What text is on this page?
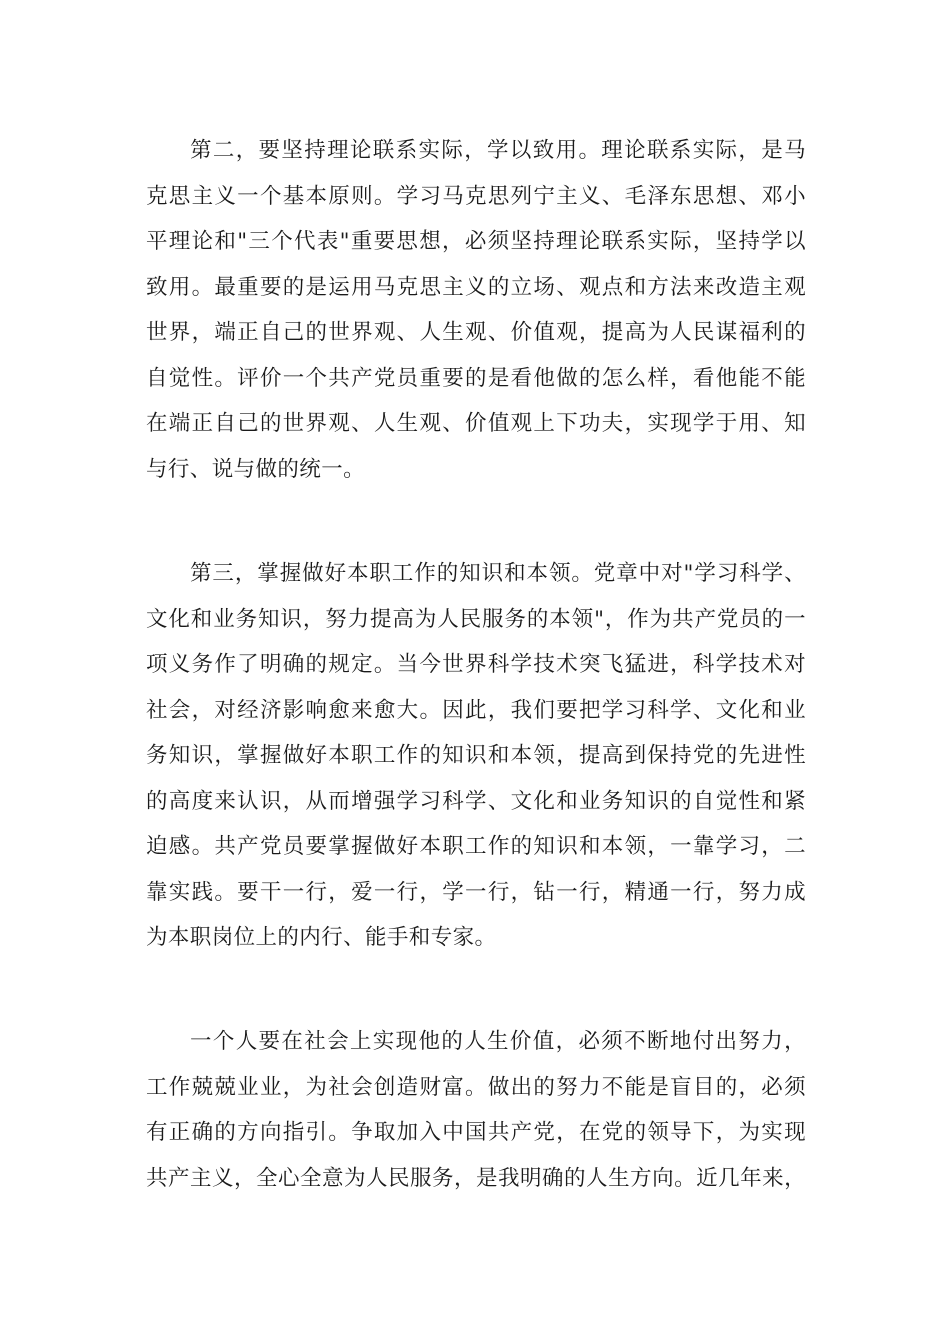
第二，要坚持理论联系实际，学以致用。理论联系实际，是马
克思主义一个基本原则。学习马克思列宁主义、毛泽东思想、邓小
平理论和"三个代表"重要思想，必须坚持理论联系实际，坚持学以
致用。最重要的是运用马克思主义的立场、观点和方法来改造主观
世界，端正自己的世界观、人生观、价值观，提高为人民谋福利的
自觉性。评价一个共产党员重要的是看他做的怎么样，看他能不能
在端正自己的世界观、人生观、价值观上下功夫，实现学于用、知
与行、说与做的统一。
第三，掌握做好本职工作的知识和本领。党章中对"学习科学、
文化和业务知识，努力提高为人民服务的本领"，作为共产党员的一
项义务作了明确的规定。当今世界科学技术突飞猛进，科学技术对
社会，对经济影响愈来愈大。因此，我们要把学习科学、文化和业
务知识，掌握做好本职工作的知识和本领，提高到保持党的先进性
的高度来认识，从而增强学习科学、文化和业务知识的自觉性和紧
迫感。共产党员要掌握做好本职工作的知识和本领，一靠学习，二
靠实践。要干一行，爱一行，学一行，钻一行，精通一行，努力成
为本职岗位上的内行、能手和专家。
一个人要在社会上实现他的人生价值，必须不断地付出努力，
工作兢兢业业，为社会创造财富。做出的努力不能是盲目的，必须
有正确的方向指引。争取加入中国共产党，在党的领导下，为实现
共产主义，全心全意为人民服务，是我明确的人生方向。近几年来，
